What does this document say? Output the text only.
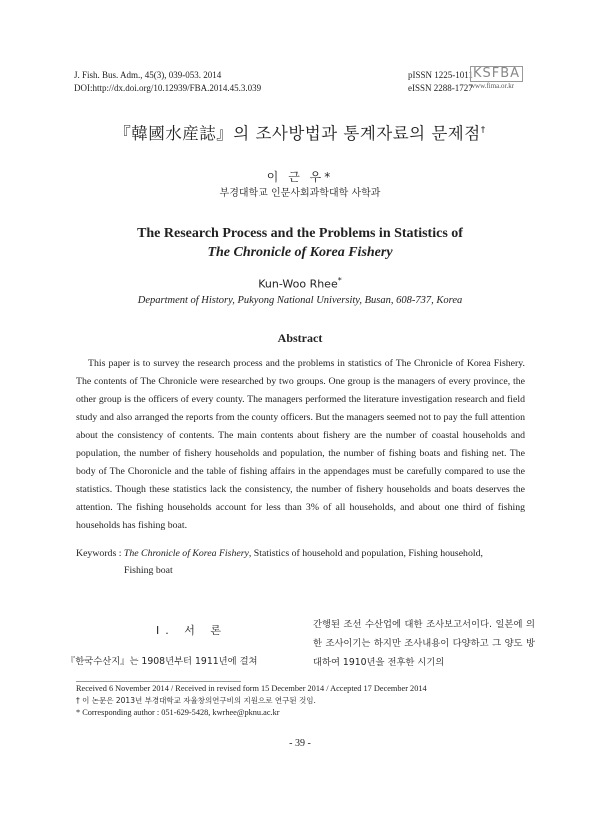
J. Fish. Bus. Adm., 45(3), 039-053. 2014
DOI:http://dx.doi.org/10.12939/FBA.2014.45.3.039
pISSN 1225-1011
eISSN 2288-1727
KSFBA
www.fima.or.kr
『韓國水産誌』의 조사방법과 통계자료의 문제점†
이 근 우*
부경대학교 인문사회과학대학 사학과
The Research Process and the Problems in Statistics of
The Chronicle of Korea Fishery
Kun-Woo Rhee*
Department of History, Pukyong National University, Busan, 608-737, Korea
Abstract
This paper is to survey the research process and the problems in statistics of The Chronicle of Korea Fishery. The contents of The Chronicle were researched by two groups. One group is the managers of every province, the other group is the officers of every county. The managers performed the literature investigation research and field study and also arranged the reports from the county officers. But the managers seemed not to pay the full attention about the consistency of contents. The main contents about fishery are the number of coastal households and population, the number of fishery households and population, the number of fishing boats and fishing net. The body of The Choronicle and the table of fishing affairs in the appendages must be carefully compared to use the statistics. Though these statistics lack the consistency, the number of fishery households and boats deserves the attention. The fishing households account for less than 3% of all households, and about one third of fishing households has fishing boat.
Keywords : The Chronicle of Korea Fishery, Statistics of household and population, Fishing household,
Fishing boat
Ⅰ. 서 론
『한국수산지』는 1908년부터 1911년에 걸쳐
간행된 조선 수산업에 대한 조사보고서이다. 일본에 의한 조사이기는 하지만 조사내용이 다양하고 그 양도 방대하여 1910년을 전후한 시기의
Received 6 November 2014 / Received in revised form 15 December 2014 / Accepted 17 December 2014
† 이 논문은 2013년 부경대학교 자율창의연구비의 지원으로 연구된 것임.
* Corresponding author : 051-629-5428, kwrhee@pknu.ac.kr
- 39 -
